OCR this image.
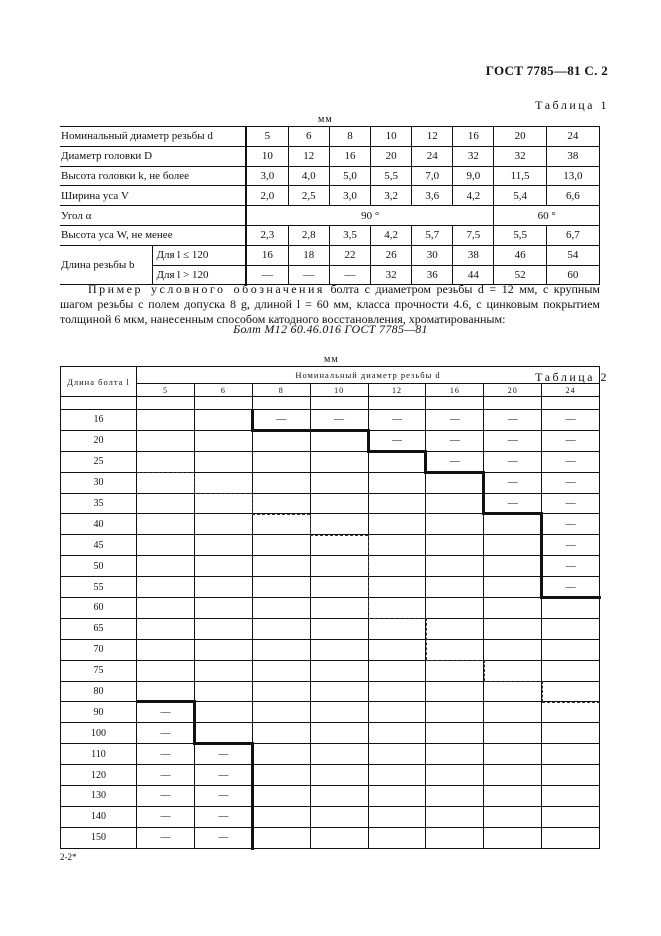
ГОСТ 7785—81 С. 2
Таблица 1
мм
Номинальный диаметр резьбы d		5	6	8	10	12	16	20	24
Диаметр головки D		10	12	16	20	24	32	32	38
Высота головки k, не более		3,0	4,0	5,0	5,5	7,0	9,0	11,5	13,0
Ширина уса V		2,0	2,5	3,0	3,2	3,6	4,2	5,4	6,6
Угол α		90 °						60 °	
Высота уса W, не менее		2,3	2,8	3,5	4,2	5,7	7,5	5,5	6,7
Длина резьбы b	Для l ≤ 120	16	18	22	26	30	38	46	54
	Для l > 120	—	—	—	32	36	44	52	60
Пример условного обозначения болта с диаметром резьбы d = 12 мм, с крупным шагом резьбы с полем допуска 8 g, длиной l = 60 мм, класса прочности 4.6, с цинковым покрытием толщиной 6 мкм, нанесенным способом катодного восстановления, хроматированным:
Болт М12 60.46.016 ГОСТ 7785—81
мм
Таблица 2
Длина болта l	Номинальный диаметр резьбы d							
	5	6	8	10	12	16	20	24

16			—	—	—	—	—	—
20					—	—	—	—
25						—	—	—
30							—	—
35							—	—
40								—
45								—
50								—
55								—
60								
65								
70								
75								
80								
90	—							
100	—							
110	—	—						
120	—	—						
130	—	—						
140	—	—						
150	—	—						
2-2*
